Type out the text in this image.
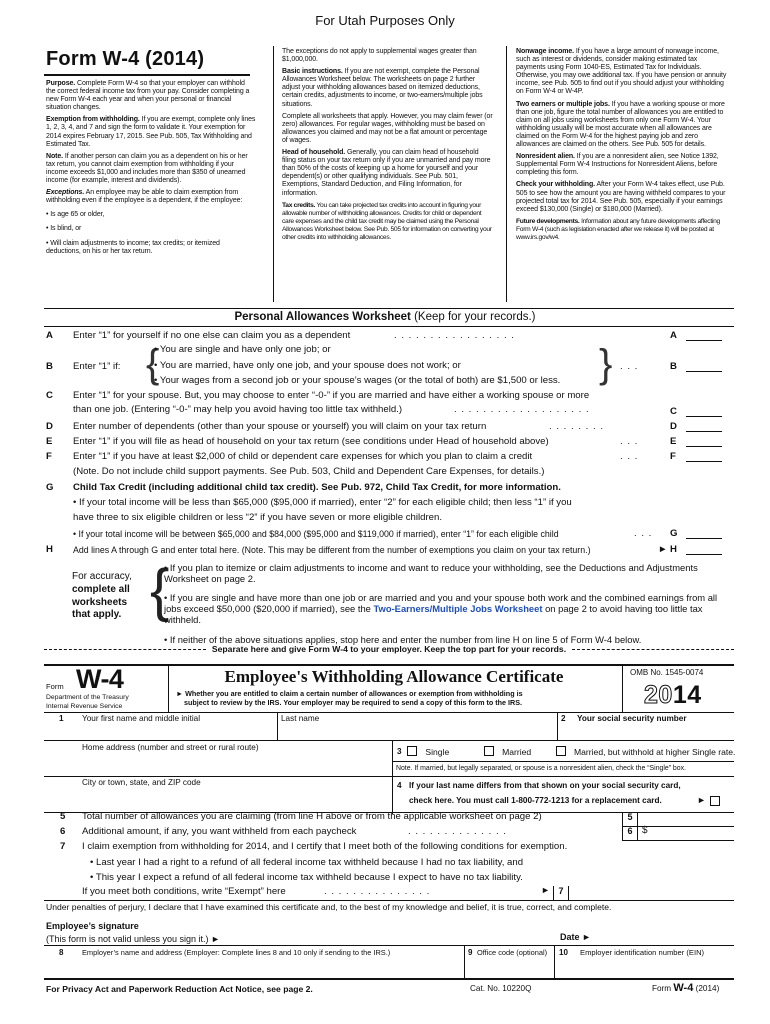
For Utah Purposes Only
Form W-4 (2014)

Purpose. Complete Form W-4 so that your employer can withhold the correct federal income tax from your pay. Consider completing a new Form W-4 each year and when your personal or financial situation changes.

Exemption from withholding. If you are exempt, complete only lines 1, 2, 3, 4, and 7 and sign the form to validate it. Your exemption for 2014 expires February 17, 2015. See Pub. 505, Tax Withholding and Estimated Tax.

Note. If another person can claim you as a dependent on his or her tax return, you cannot claim exemption from withholding if your income exceeds $1,000 and includes more than $350 of unearned income (for example, interest and dividends).

Exceptions. An employee may be able to claim exemption from withholding even if the employee is a dependent, if the employee:

• Is age 65 or older,

• Is blind, or

• Will claim adjustments to income; tax credits; or itemized deductions, on his or her tax return.

The exceptions do not apply to supplemental wages greater than $1,000,000.

Basic instructions. If you are not exempt, complete the Personal Allowances Worksheet below. The worksheets on page 2 further adjust your withholding allowances based on itemized deductions, certain credits, adjustments to income, or two-earners/multiple jobs situations.

Complete all worksheets that apply. However, you may claim fewer (or zero) allowances. For regular wages, withholding must be based on allowances you claimed and may not be a flat amount or percentage of wages.

Head of household. Generally, you can claim head of household filing status on your tax return only if you are unmarried and pay more than 50% of the costs of keeping up a home for yourself and your dependent(s) or other qualifying individuals. See Pub. 501, Exemptions, Standard Deduction, and Filing Information, for information.

Tax credits. You can take projected tax credits into account in figuring your allowable number of withholding allowances. Credits for child or dependent care expenses and the child tax credit may be claimed using the Personal Allowances Worksheet below. See Pub. 505 for information on converting your other credits into withholding allowances.

Nonwage income. If you have a large amount of nonwage income, such as interest or dividends, consider making estimated tax payments using Form 1040-ES, Estimated Tax for Individuals. Otherwise, you may owe additional tax. If you have pension or annuity income, see Pub. 505 to find out if you should adjust your withholding on Form W-4 or W-4P.

Two earners or multiple jobs. If you have a working spouse or more than one job, figure the total number of allowances you are entitled to claim on all jobs using worksheets from only one Form W-4. Your withholding usually will be most accurate when all allowances are claimed on the Form W-4 for the highest paying job and zero allowances are claimed on the others. See Pub. 505 for details.

Nonresident alien. If you are a nonresident alien, see Notice 1392, Supplemental Form W-4 Instructions for Nonresident Aliens, before completing this form.

Check your withholding. After your Form W-4 takes effect, use Pub. 505 to see how the amount you are having withheld compares to your projected total tax for 2014. See Pub. 505, especially if your earnings exceed $130,000 (Single) or $180,000 (Married).

Future developments. Information about any future developments affecting Form W-4 (such as legislation enacted after we release it) will be posted at www.irs.gov/w4.

Personal Allowances Worksheet (Keep for your records.)
A Enter “1” for yourself if no one else can claim you as a dependent	. . . . . . . . . . . . . . . . .	A
B Enter “1” if: {
• You are single and have only one job; or
• You are married, have only one job, and your spouse does not work; or
• Your wages from a second job or your spouse’s wages (or the total of both) are $1,500 or less. } . . .	B
C Enter “1” for your spouse. But, you may choose to enter “-0-” if you are married and have either a working spouse or more
than one job. (Entering “-0-” may help you avoid having too little tax withheld.)	. . . . . . . . . . . . . . . . . . .	C
D Enter number of dependents (other than your spouse or yourself) you will claim on your tax return	. . . . . . . .	D
E Enter “1” if you will file as head of household on your tax return (see conditions under Head of household above)	. . .	E
F Enter “1” if you have at least $2,000 of child or dependent care expenses for which you plan to claim a credit	. . .	F
(Note. Do not include child support payments. See Pub. 503, Child and Dependent Care Expenses, for details.)
G Child Tax Credit (including additional child tax credit). See Pub. 972, Child Tax Credit, for more information.
• If your total income will be less than $65,000 ($95,000 if married), enter “2” for each eligible child; then less “1” if you
have three to six eligible children or less “2” if you have seven or more eligible children.
• If your total income will be between $65,000 and $84,000 ($95,000 and $119,000 if married), enter “1” for each eligible child	. . . G
H Add lines A through G and enter total here. (Note. This may be different from the number of exemptions you claim on your tax return.)	► H
For accuracy,
complete all
worksheets
that apply. {
• If you plan to itemize or claim adjustments to income and want to reduce your withholding, see the Deductions and Adjustments Worksheet on page 2.
• If you are single and have more than one job or are married and you and your spouse both work and the combined earnings from all jobs exceed $50,000 ($20,000 if married), see the Two-Earners/Multiple Jobs Worksheet on page 2 to avoid having too little tax withheld.
• If neither of the above situations applies, stop here and enter the number from line H on line 5 of Form W-4 below.
Separate here and give Form W-4 to your employer. Keep the top part for your records.
Form W-4
Department of the Treasury
Internal Revenue Service
Employee's Withholding Allowance Certificate
► Whether you are entitled to claim a certain number of allowances or exemption from withholding is
subject to review by the IRS. Your employer may be required to send a copy of this form to the IRS.
OMB No. 1545-0074
2014
1 Your first name and middle initial	Last name	2 Your social security number
Home address (number and street or rural route)	3	Single	Married	Married, but withhold at higher Single rate.
Note. If married, but legally separated, or spouse is a nonresident alien, check the “Single” box.
City or town, state, and ZIP code	4 If your last name differs from that shown on your social security card,
check here. You must call 1-800-772-1213 for a replacement card.	►
5 Total number of allowances you are claiming (from line H above or from the applicable worksheet on page 2)	5
6 Additional amount, if any, you want withheld from each paycheck	. . . . . . . . . . . . . .	6 $
7 I claim exemption from withholding for 2014, and I certify that I meet both of the following conditions for exemption.
• Last year I had a right to a refund of all federal income tax withheld because I had no tax liability, and
• This year I expect a refund of all federal income tax withheld because I expect to have no tax liability.
If you meet both conditions, write “Exempt” here	. . . . . . . . . . . . . . .	► 7
Under penalties of perjury, I declare that I have examined this certificate and, to the best of my knowledge and belief, it is true, correct, and complete.
Employee’s signature
(This form is not valid unless you sign it.) ►	Date ►
8	Employer’s name and address (Employer: Complete lines 8 and 10 only if sending to the IRS.)	9 Office code (optional) 10 Employer identification number (EIN)
For Privacy Act and Paperwork Reduction Act Notice, see page 2.	Cat. No. 10220Q	Form W-4 (2014)
